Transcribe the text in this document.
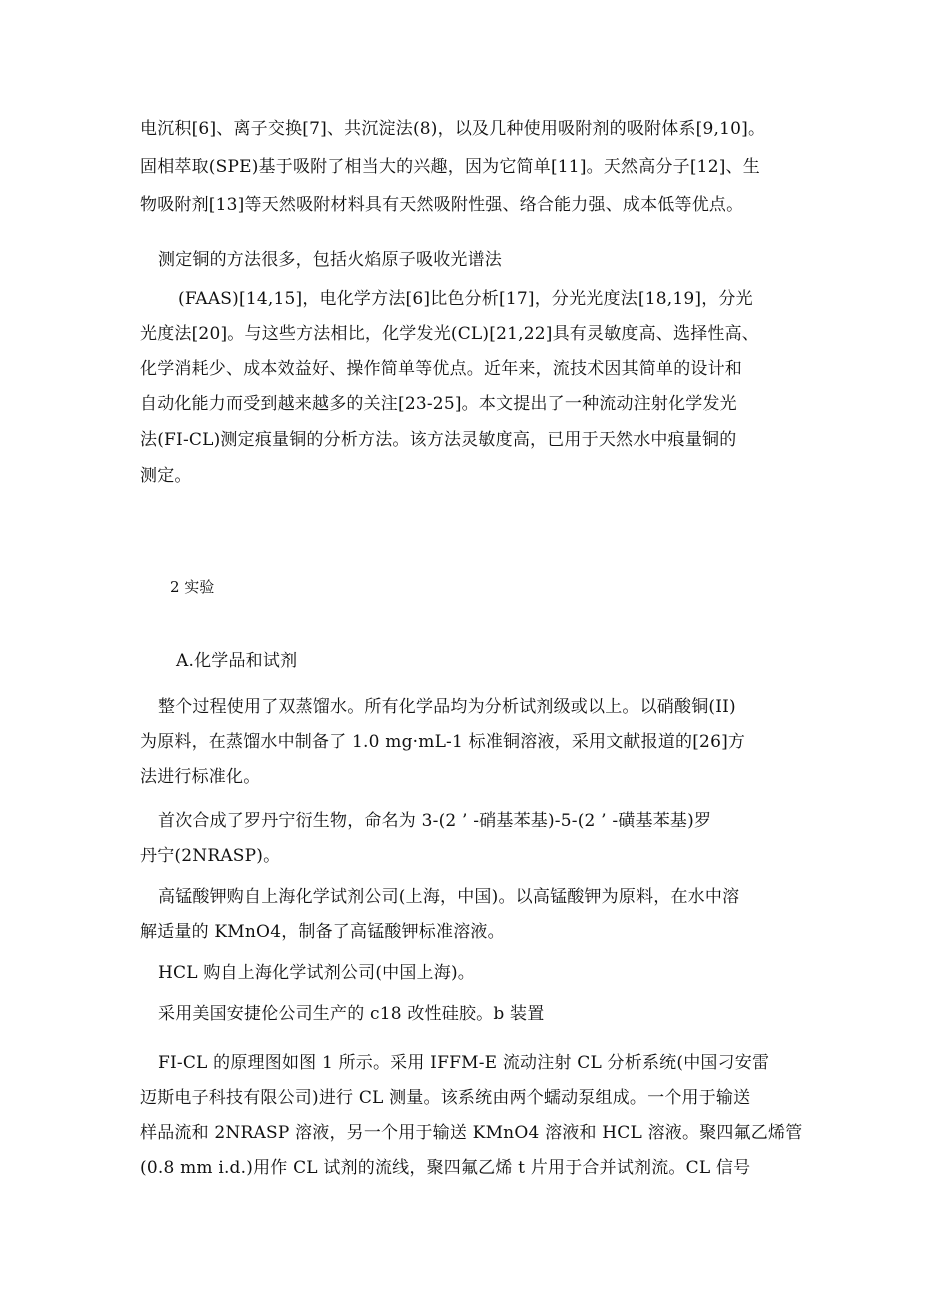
电沉积[6]、离子交换[7]、共沉淀法(8)，以及几种使用吸附剂的吸附体系[9,10]。
固相萃取(SPE)基于吸附了相当大的兴趣，因为它简单[11]。天然高分子[12]、生
物吸附剂[13]等天然吸附材料具有天然吸附性强、络合能力强、成本低等优点。
测定铜的方法很多，包括火焰原子吸收光谱法
(FAAS)[14,15]，电化学方法[6]比色分析[17]，分光光度法[18,19]，分光
光度法[20]。与这些方法相比，化学发光(CL)[21,22]具有灵敏度高、选择性高、
化学消耗少、成本效益好、操作简单等优点。近年来，流技术因其简单的设计和
自动化能力而受到越来越多的关注[23-25]。本文提出了一种流动注射化学发光
法(FI-CL)测定痕量铜的分析方法。该方法灵敏度高，已用于天然水中痕量铜的
测定。
2 实验
A.化学品和试剂
整个过程使用了双蒸馏水。所有化学品均为分析试剂级或以上。以硝酸铜(II)
为原料，在蒸馏水中制备了 1.0 mg·mL-1 标准铜溶液，采用文献报道的[26]方
法进行标准化。
首次合成了罗丹宁衍生物，命名为 3-(2 ’ -硝基苯基)-5-(2 ’ -磺基苯基)罗
丹宁(2NRASP)。
高锰酸钾购自上海化学试剂公司(上海，中国)。以高锰酸钾为原料，在水中溶
解适量的 KMnO4，制备了高锰酸钾标准溶液。
HCL 购自上海化学试剂公司(中国上海)。
采用美国安捷伦公司生产的 c18 改性硅胶。b 装置
FI-CL 的原理图如图 1 所示。采用 IFFM-E 流动注射 CL 分析系统(中国刁安雷
迈斯电子科技有限公司)进行 CL 测量。该系统由两个蠕动泵组成。一个用于输送
样品流和 2NRASP 溶液，另一个用于输送 KMnO4 溶液和 HCL 溶液。聚四氟乙烯管
(0.8 mm i.d.)用作 CL 试剂的流线，聚四氟乙烯 t 片用于合并试剂流。CL 信号
